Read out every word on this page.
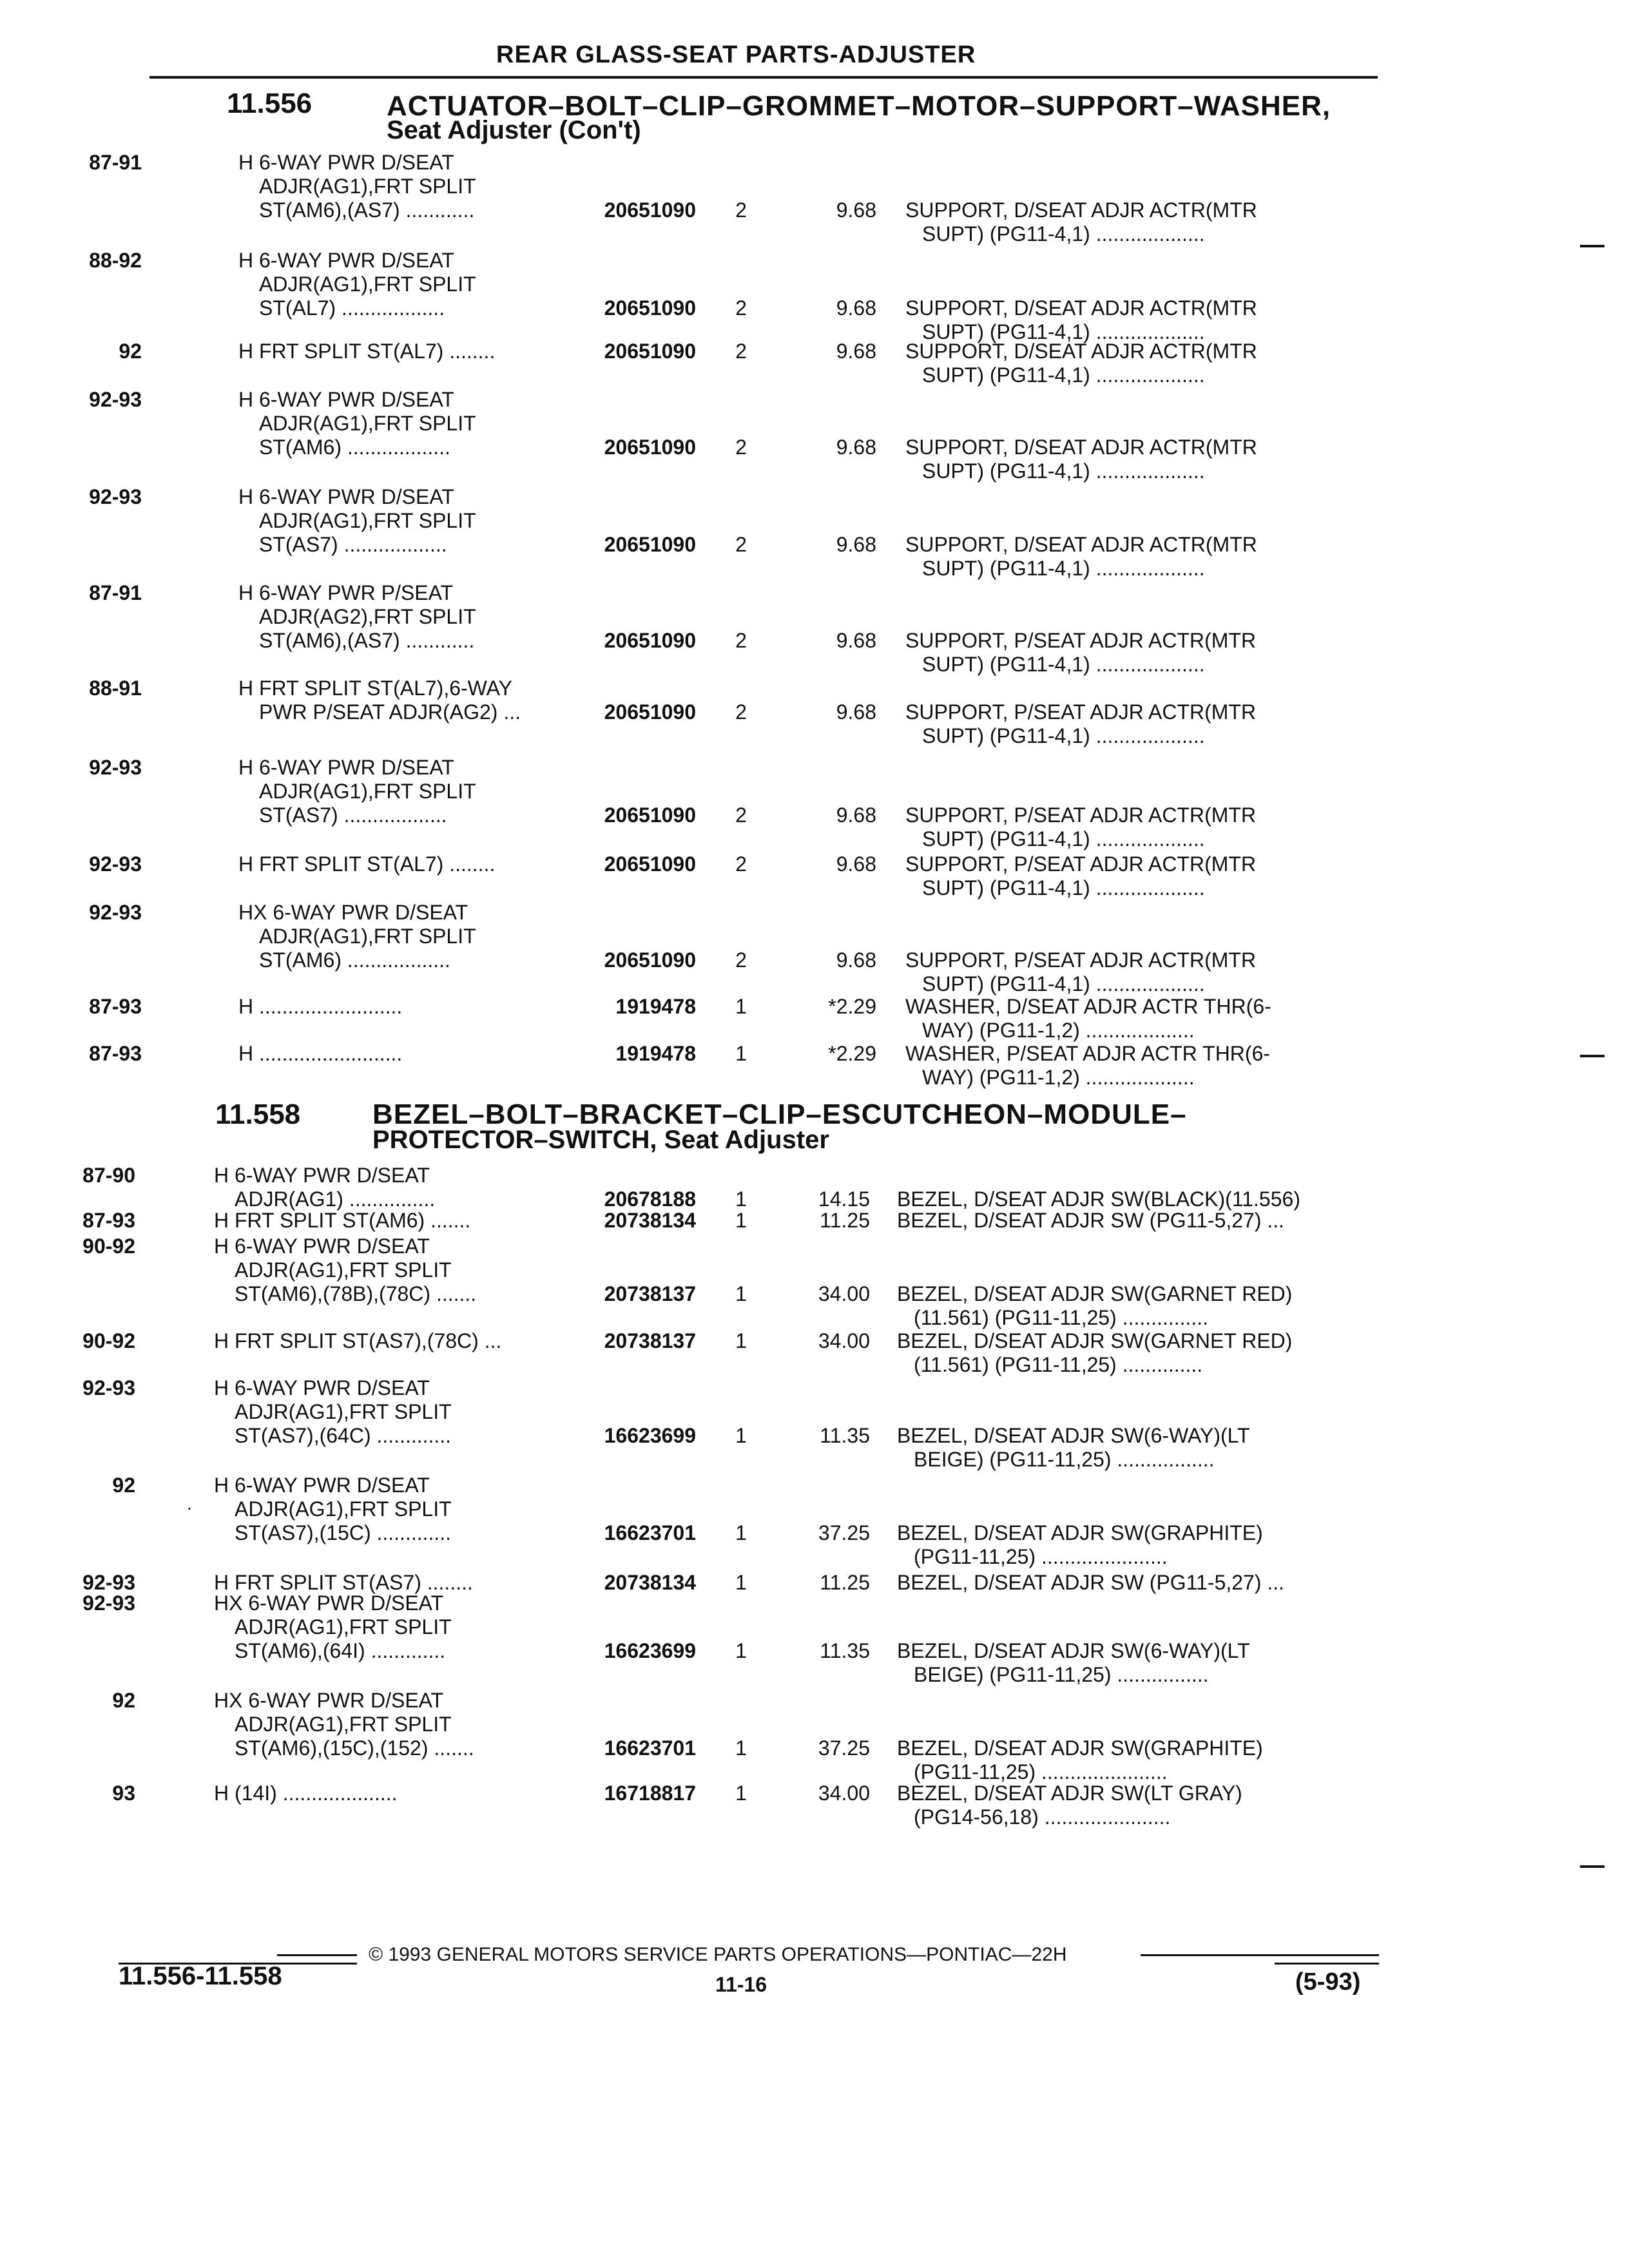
REAR GLASS-SEAT PARTS-ADJUSTER
11.556	ACTUATOR–BOLT–CLIP–GROMMET–MOTOR–SUPPORT–WASHER,
Seat Adjuster (Con't)
87-91	H 6-WAY PWR D/SEAT
ADJR(AG1),FRT SPLIT
ST(AM6),(AS7) ............	20651090	2	9.68 SUPPORT, D/SEAT ADJR ACTR(MTR
SUPT) (PG11-4,1) ...................
88-92	H 6-WAY PWR D/SEAT
ADJR(AG1),FRT SPLIT
ST(AL7) ..................	20651090	2	9.68 SUPPORT, D/SEAT ADJR ACTR(MTR
SUPT) (PG11-4,1) ...................
92	H FRT SPLIT ST(AL7) ........	20651090	2	9.68 SUPPORT, D/SEAT ADJR ACTR(MTR
SUPT) (PG11-4,1) ...................
92-93	H 6-WAY PWR D/SEAT
ADJR(AG1),FRT SPLIT
ST(AM6) ..................	20651090	2	9.68 SUPPORT, D/SEAT ADJR ACTR(MTR
SUPT) (PG11-4,1) ...................
92-93	H 6-WAY PWR D/SEAT
ADJR(AG1),FRT SPLIT
ST(AS7) ..................	20651090	2	9.68 SUPPORT, D/SEAT ADJR ACTR(MTR
SUPT) (PG11-4,1) ...................
87-91	H 6-WAY PWR P/SEAT
ADJR(AG2),FRT SPLIT
ST(AM6),(AS7) ............	20651090	2	9.68 SUPPORT, P/SEAT ADJR ACTR(MTR
SUPT) (PG11-4,1) ...................
88-91	H FRT SPLIT ST(AL7),6-WAY
PWR P/SEAT ADJR(AG2) ...	20651090	2	9.68 SUPPORT, P/SEAT ADJR ACTR(MTR
SUPT) (PG11-4,1) ...................
92-93	H 6-WAY PWR D/SEAT
ADJR(AG1),FRT SPLIT
ST(AS7) ..................	20651090	2	9.68 SUPPORT, P/SEAT ADJR ACTR(MTR
SUPT) (PG11-4,1) ...................
92-93	H FRT SPLIT ST(AL7) ........	20651090	2	9.68 SUPPORT, P/SEAT ADJR ACTR(MTR
SUPT) (PG11-4,1) ...................
92-93	HX 6-WAY PWR D/SEAT
ADJR(AG1),FRT SPLIT
ST(AM6) ..................	20651090	2	9.68 SUPPORT, P/SEAT ADJR ACTR(MTR
SUPT) (PG11-4,1) ...................
87-93	H .........................	1919478	1	*2.29 WASHER, D/SEAT ADJR ACTR THR(6-
WAY) (PG11-1,2) ...................
87-93	H .........................	1919478	1	*2.29 WASHER, P/SEAT ADJR ACTR THR(6-
WAY) (PG11-1,2) ...................
11.558	BEZEL–BOLT–BRACKET–CLIP–ESCUTCHEON–MODULE–
PROTECTOR–SWITCH, Seat Adjuster
87-90	H 6-WAY PWR D/SEAT
ADJR(AG1) ...............	20678188	1	14.15 BEZEL, D/SEAT ADJR SW(BLACK)(11.556)
87-93	H FRT SPLIT ST(AM6) .......	20738134	1	11.25 BEZEL, D/SEAT ADJR SW (PG11-5,27) ...
90-92	H 6-WAY PWR D/SEAT
ADJR(AG1),FRT SPLIT
ST(AM6),(78B),(78C) .......	20738137	1	34.00 BEZEL, D/SEAT ADJR SW(GARNET RED)
(11.561) (PG11-11,25) ...............
90-92	H FRT SPLIT ST(AS7),(78C) ...	20738137	1	34.00 BEZEL, D/SEAT ADJR SW(GARNET RED)
(11.561) (PG11-11,25) ..............
92-93	H 6-WAY PWR D/SEAT
ADJR(AG1),FRT SPLIT
ST(AS7),(64C) .............	16623699	1	11.35 BEZEL, D/SEAT ADJR SW(6-WAY)(LT
BEIGE) (PG11-11,25) .................
92	H 6-WAY PWR D/SEAT
ADJR(AG1),FRT SPLIT
ST(AS7),(15C) .............	16623701	1	37.25 BEZEL, D/SEAT ADJR SW(GRAPHITE)
(PG11-11,25) ......................
92-93	H FRT SPLIT ST(AS7) ........	20738134	1	11.25 BEZEL, D/SEAT ADJR SW (PG11-5,27) ...
92-93	HX 6-WAY PWR D/SEAT
ADJR(AG1),FRT SPLIT
ST(AM6),(64I) .............	16623699	1	11.35 BEZEL, D/SEAT ADJR SW(6-WAY)(LT
BEIGE) (PG11-11,25) ................
92	HX 6-WAY PWR D/SEAT
ADJR(AG1),FRT SPLIT
ST(AM6),(15C),(152) .......	16623701	1	37.25 BEZEL, D/SEAT ADJR SW(GRAPHITE)
(PG11-11,25) ......................
93	H (14I) ....................	16718817	1	34.00 BEZEL, D/SEAT ADJR SW(LT GRAY)
(PG14-56,18) ......................
.
© 1993 GENERAL MOTORS SERVICE PARTS OPERATIONS—PONTIAC—22H
11.556-11.558	11-16	(5-93)
